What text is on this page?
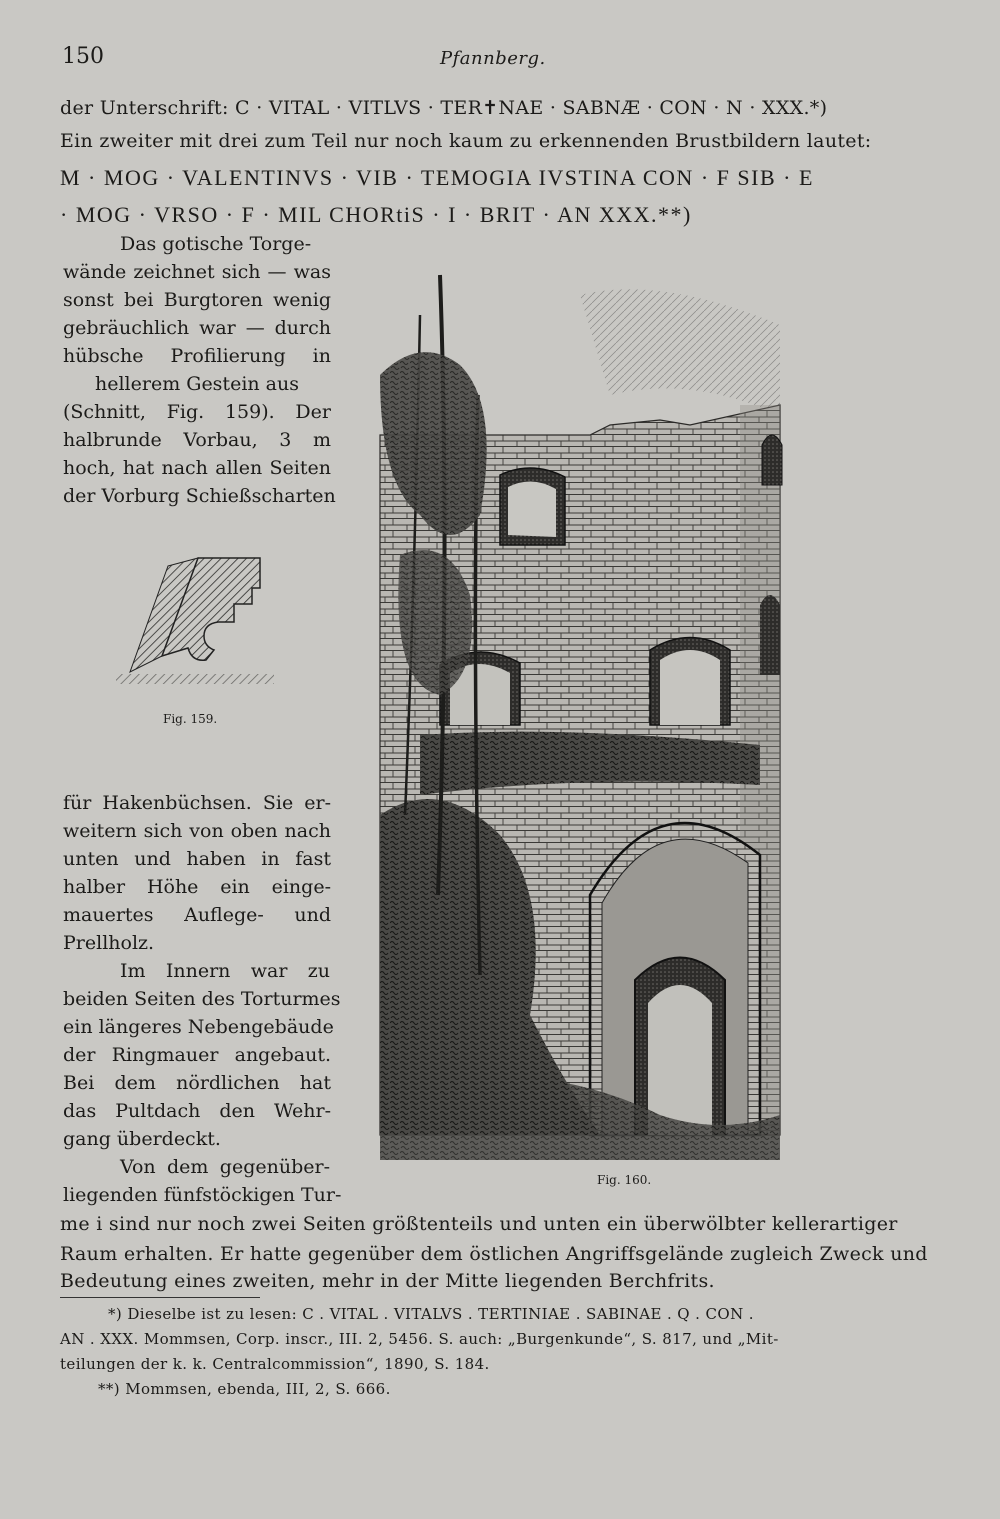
150	Pfannberg.
der Unterschrift: C · VITAL · VITLVS · TER✝NAE · SABNÆ · CON · N · XXX.*)
Ein zweiter mit drei zum Teil nur noch kaum zu erkennenden Brustbildern lautet:
M · MOG · VALENTINVS · VIB · TEMOGIA IVSTINA CON · F SIB · E
· MOG · VRSO · F · MIL CHORtiS · I · BRIT · AN XXX.**)
Das gotische Torge-
wände zeichnet sich — was
sonst bei Burgtoren wenig
gebräuchlich war — durch
hübsche Profilierung in
hellerem Gestein aus
(Schnitt, Fig. 159). Der
halbrunde Vorbau, 3 m
hoch, hat nach allen Seiten
der Vorburg Schießscharten
Fig. 159.
für Hakenbüchsen. Sie er-
weitern sich von oben nach
unten und haben in fast
halber Höhe ein einge-
mauertes Auflege- und
Prellholz.
Im Innern war zu
beiden Seiten des Torturmes
ein längeres Nebengebäude
der Ringmauer angebaut.
Bei dem nördlichen hat
das Pultdach den Wehr-
gang überdeckt.
Von dem gegenüber-
liegenden fünfstöckigen Tur-
Fig. 160.
me i sind nur noch zwei Seiten größtenteils und unten ein überwölbter kellerartiger
Raum erhalten. Er hatte gegenüber dem östlichen Angriffsgelände zugleich Zweck und
Bedeutung eines zweiten, mehr in der Mitte liegenden Berchfrits.
*) Dieselbe ist zu lesen: C . VITAL . VITALVS . TERTINIAE . SABINAE . Q . CON .
AN . XXX. Mommsen, Corp. inscr., III. 2, 5456. S. auch: „Burgenkunde“, S. 817, und „Mit-
teilungen der k. k. Centralcommission“, 1890, S. 184.
**) Mommsen, ebenda, III, 2, S. 666.
